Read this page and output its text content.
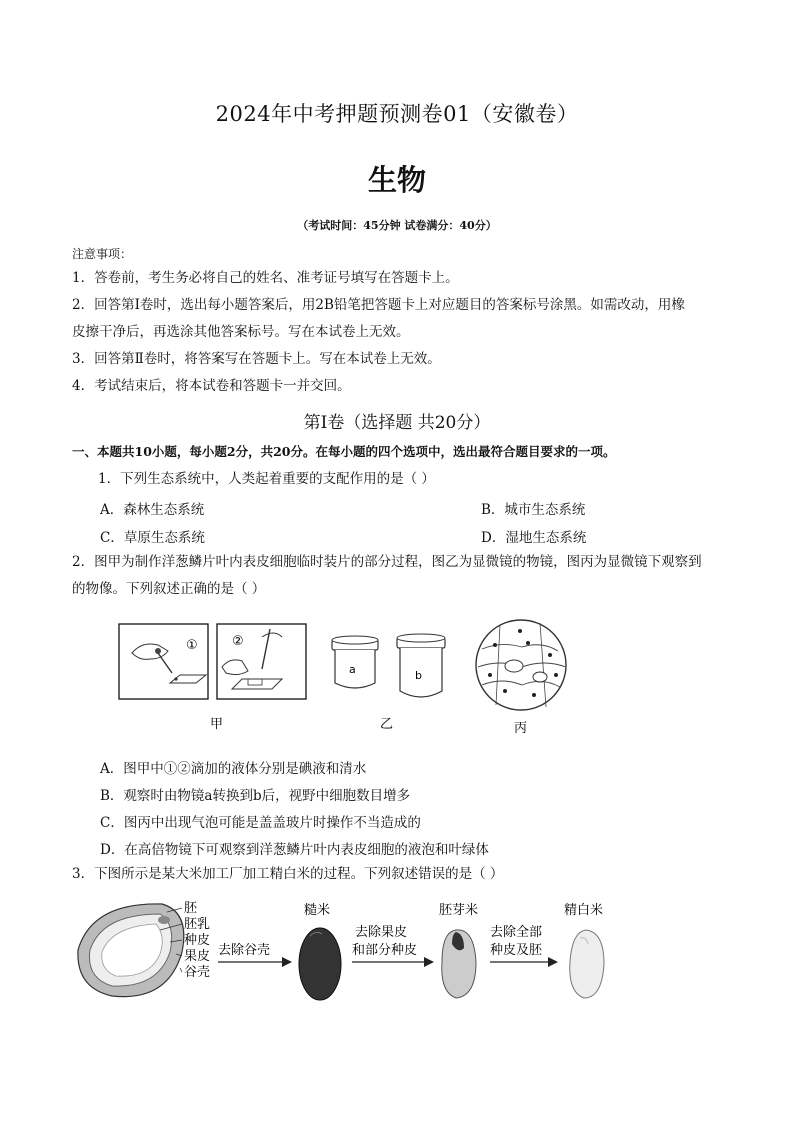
2024年中考押题预测卷01（安徽卷）
生物
（考试时间：45分钟 试卷满分：40分）
注意事项：
1．答卷前，考生务必将自己的姓名、准考证号填写在答题卡上。
2．回答第Ⅰ卷时，选出每小题答案后，用2B铅笔把答题卡上对应题目的答案标号涂黑。如需改动，用橡
皮擦干净后，再选涂其他答案标号。写在本试卷上无效。
3．回答第Ⅱ卷时，将答案写在答题卡上。写在本试卷上无效。
4．考试结束后，将本试卷和答题卡一并交回。
第Ⅰ卷（选择题 共20分）
一、本题共10小题，每小题2分，共20分。在每小题的四个选项中，选出最符合题目要求的一项。
1．下列生态系统中，人类起着重要的支配作用的是（ ）
A．森林生态系统	B．城市生态系统
C．草原生态系统	D．湿地生态系统
2．图甲为制作洋葱鳞片叶内表皮细胞临时装片的部分过程，图乙为显微镜的物镜，图丙为显微镜下观察到
的物像。下列叙述正确的是（ ）
①	②
a	b
甲	乙	丙
A．图甲中①②滴加的液体分别是碘液和清水
B．观察时由物镜a转换到b后，视野中细胞数目增多
C．图丙中出现气泡可能是盖盖玻片时操作不当造成的
D．在高倍物镜下可观察到洋葱鳞片叶内表皮细胞的液泡和叶绿体
3．下图所示是某大米加工厂加工精白米的过程。下列叙述错误的是（ ）
胚
胚乳
种皮
果皮
谷壳
去除谷壳
糙米
去除果皮
和部分种皮
胚芽米
去除全部
种皮及胚
精白米
